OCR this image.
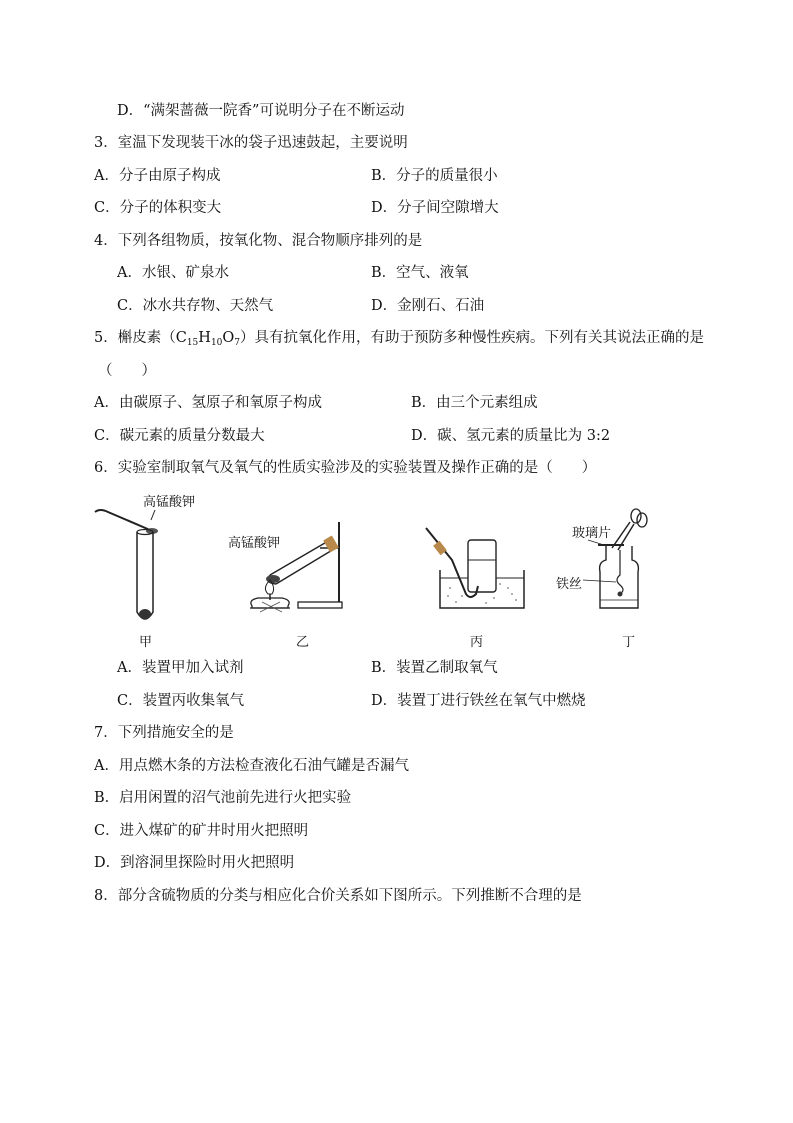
D．“满架蔷薇一院香”可说明分子在不断运动
3．室温下发现装干冰的袋子迅速鼓起，主要说明
A．分子由原子构成	B．分子的质量很小
C．分子的体积变大	D．分子间空隙增大
4．下列各组物质，按氧化物、混合物顺序排列的是
A．水银、矿泉水	B．空气、液氧
C．冰水共存物、天然气	D．金刚石、石油
5．槲皮素$(C_{15}H_{10}O_7)$具有抗氧化作用，有助于预防多种慢性疾病。下列有关其说法正确的是
（　　）
A．由碳原子、氢原子和氧原子构成	B．由三个元素组成
C．碳元素的质量分数最大	D．碳、氢元素的质量比为 3:2
6．实验室制取氧气及氧气的性质实验涉及的实验装置及操作正确的是（　　）
高锰酸钾
甲
高锰酸钾
乙	丙
玻璃片
铁丝
丁
A．装置甲加入试剂	B．装置乙制取氧气
C．装置丙收集氧气	D．装置丁进行铁丝在氧气中燃烧
7．下列措施安全的是
A．用点燃木条的方法检查液化石油气罐是否漏气
B．启用闲置的沼气池前先进行火把实验
C．进入煤矿的矿井时用火把照明
D．到溶洞里探险时用火把照明
8．部分含硫物质的分类与相应化合价关系如下图所示。下列推断不合理的是
